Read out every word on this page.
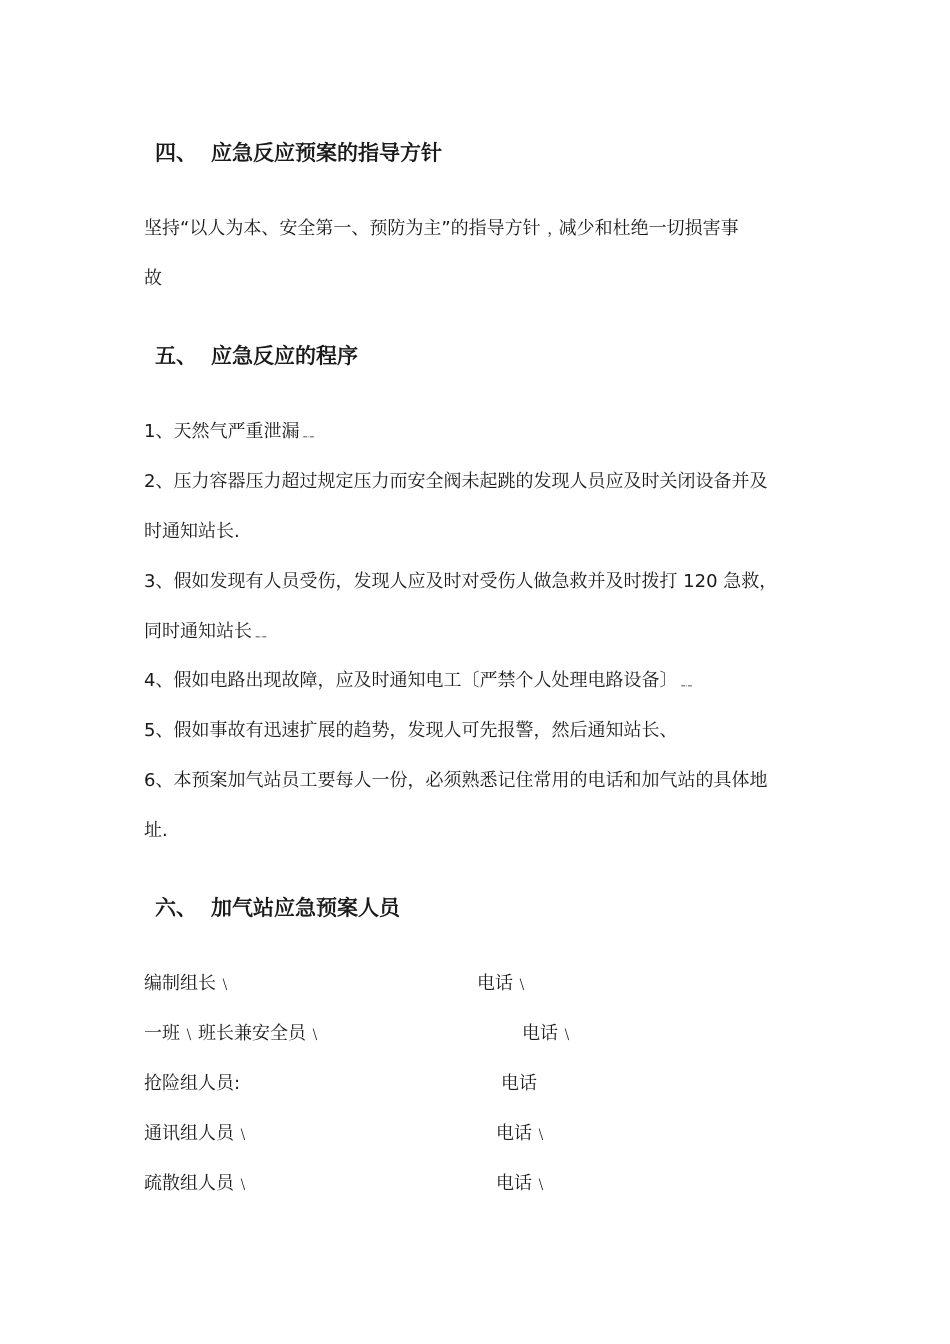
四、 应急反应预案的指导方针
坚持“以人为本、安全第一、预防为主”的指导方针﹐减少和杜绝一切损害事
故
五、 应急反应的程序
1、天然气严重泄漏﹎
2、压力容器压力超过规定压力而安全阀未起跳的发现人员应及时关闭设备并及
时通知站长.
3、假如发现有人员受伤，发现人应及时对受伤人做急救并及时拨打 120 急救，
同时通知站长﹎
4、假如电路出现故障，应及时通知电工〔严禁个人处理电路设备〕﹎
5、假如事故有迅速扩展的趋势，发现人可先报警，然后通知站长、
6、本预案加气站员工要每人一份，必须熟悉记住常用的电话和加气站的具体地
址.
六、 加气站应急预案人员
编制组长﹨	电话﹨
一班﹨班长兼安全员﹨	电话﹨
抢险组人员:	电话
通讯组人员﹨	电话﹨
疏散组人员﹨	电话﹨
